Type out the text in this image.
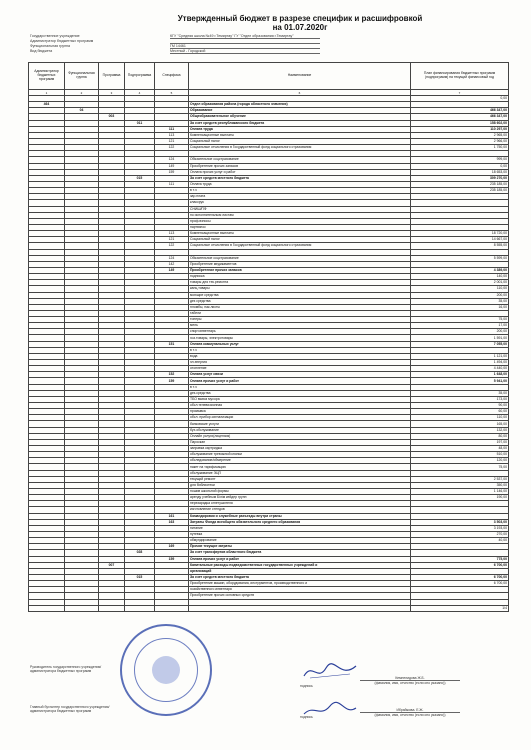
Утвержденный бюджет в разрезе специфик и расшифровкой
на 01.07.2020г
Государственное учреждение	КГУ "Средняя школа №49 г.Темиртау" ГУ "Отдел образования г.Темиртау"
Администратор бюджетных программ
Функциональная группа	ГМ 14461
Вид бюджета	Местный - Городской
Администратор бюджетных программ	Функциональная группа	Программа	Подпрограмма	Специфика	Наименование	План финансирования бюджетных программ (подпрограмм) на текущий финансовый год
1	2	3	4	5	6	7
						0,00
464					Отдел образования района (города областного значения)	
	04				Образование	466 347,00
		003			Общеобразовательное обучение	466 347,00
			011		За счет средств республиканского бюджета	158 602,00
				111	Оплата труда	110 297,00
				113	Компенсационные выплаты	2 965,00
				121	Социальный налог	2 966,00
				122	Социальные отчисления в Государственный фонд социального страхования	1 750,00

				124	Обязательное соцстрахование	999,00
				149	Приобретение прочих запасов	0,00
				159	Оплата прочих услуг и работ	18 653,00
			015		За счет средств местного бюджета	309 270,00
				111	Оплата труда	235 185,00
					в т.ч	235 185,00
					зар.плата	
					классрук	
					СНИШ/ПФ	
					по исполнительным листам	
					проф.взносы	
					партвзнос	
				113	Компенсационные выплаты	18 720,00
				121	Социальный налог	14 667,00
				122	Социальные отчисления в Государственный фонд социального страхования	8 555,00

				124	Обязательное соцстрахование	5 599,00
				142	Приобретение медикаментов	
				149	Приобретение прочих запасов	4 389,00
					подписка	140,00
					товары для тек.ремонта	2 001,00
					канц.товары	110,00
					моющие средства	200,00
					дез средства	35,00
					пломбы, пак.листы	16,00
					табели	
					тонеры	75,00
					мель	17,00
					спорт.инвентарь	200,00
					хоз.товары, электротовары	1 591,00
				151	Оплата коммунальных услуг	7 055,00
					в т.ч	
					вода	1 121,00
					эл.энергия	1 494,00
					отопление	4 440,00
				152	Оплата услуг связи	1 648,00
				159	Оплата прочих услуг и работ	5 941,00
					в т.ч	
					дез.средства	35,00
					ТБО вывоз мусора	173,00
					обсл.телевизионная	90,00
					промывка	60,00
					обсл. прибор.сигнализации	110,00
					банковские услуги	165,00
					бух.обслуживание	132,00
					Онлайн услуги(лицензия)	80,00
					Пароскан	197,00
					заправка картриджа	48,00
					обслуживание тревожной кнопки	510,00
					обследование/обмерение	120,00
					пакет на тарификацию	75,00
					обслуживание ЭЦП	
					текущий ремонт	2 537,00
					для библиотеки	350,00
					пошив школьной формы	1 146,00
					аренду учебным Білім кейдер групп	190,00
					перезарядка огнетушителя	
					изготовление стендов	
				161	Командировки и служебные разъезды внутри страны	
				163	Затраты Фонда всеобщего обязательного среднего образования	3 503,00
					питание	3 193,00
					путевка	270,00
					обмундирование	40,00
				169	Прочие текущие затраты	
			028		За счет трансфертов областного бюджета	
				159	Оплата прочих услуг и работ	775,00
		007			Капитальные расходы подведомственных государственных учреждений и	6 700,00
					организаций	
			015		За счет средств местного бюджета	6 700,00
					Приобретение машин, оборудования, инструментов, производственного и	6 700,00
					хозяйственного инвентаря	
					Приобретение прочих основных средств	

						1/4
Руководитель государственного учреждения/
администратора бюджетных программ
Главный бухгалтер государственного учреждения/
администратора бюджетных программ
подпись
Кемпелидова Ж.Б.
(фамилия, имя, отчество (если оно указано))
подпись
Ибрайжова. Е.Ж.
(фамилия, имя, отчество (если оно указано))
